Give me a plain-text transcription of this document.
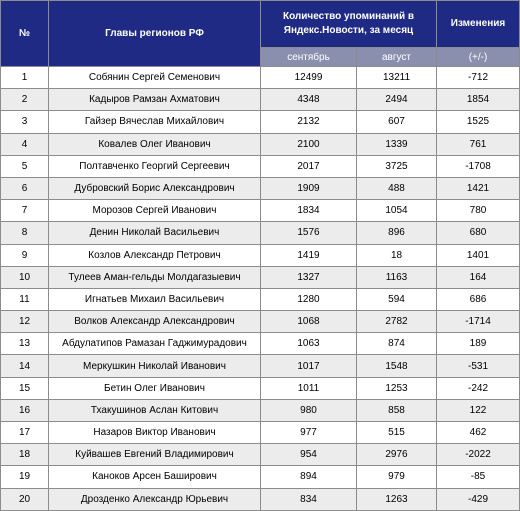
№	Главы регионов РФ	Количество упоминаний в Яндекс.Новости, за месяц		Изменения
		сентябрь	август	(+/-)
1	Собянин Сергей Семенович	12499	13211	-712
2	Кадыров Рамзан Ахматович	4348	2494	1854
3	Гайзер Вячеслав Михайлович	2132	607	1525
4	Ковалев Олег Иванович	2100	1339	761
5	Полтавченко Георгий Сергеевич	2017	3725	-1708
6	Дубровский Борис Александрович	1909	488	1421
7	Морозов Сергей Иванович	1834	1054	780
8	Денин Николай Васильевич	1576	896	680
9	Козлов Александр Петрович	1419	18	1401
10	Тулеев Аман-гельды Молдагазыевич	1327	1163	164
11	Игнатьев Михаил Васильевич	1280	594	686
12	Волков Александр Александрович	1068	2782	-1714
13	Абдулатипов Рамазан Гаджимурадович	1063	874	189
14	Меркушкин Николай Иванович	1017	1548	-531
15	Бетин Олег Иванович	1011	1253	-242
16	Тхакушинов Аслан Китович	980	858	122
17	Назаров Виктор Иванович	977	515	462
18	Куйвашев Евгений Владимирович	954	2976	-2022
19	Каноков Арсен Баширович	894	979	-85
20	Дрозденко Александр Юрьевич	834	1263	-429
